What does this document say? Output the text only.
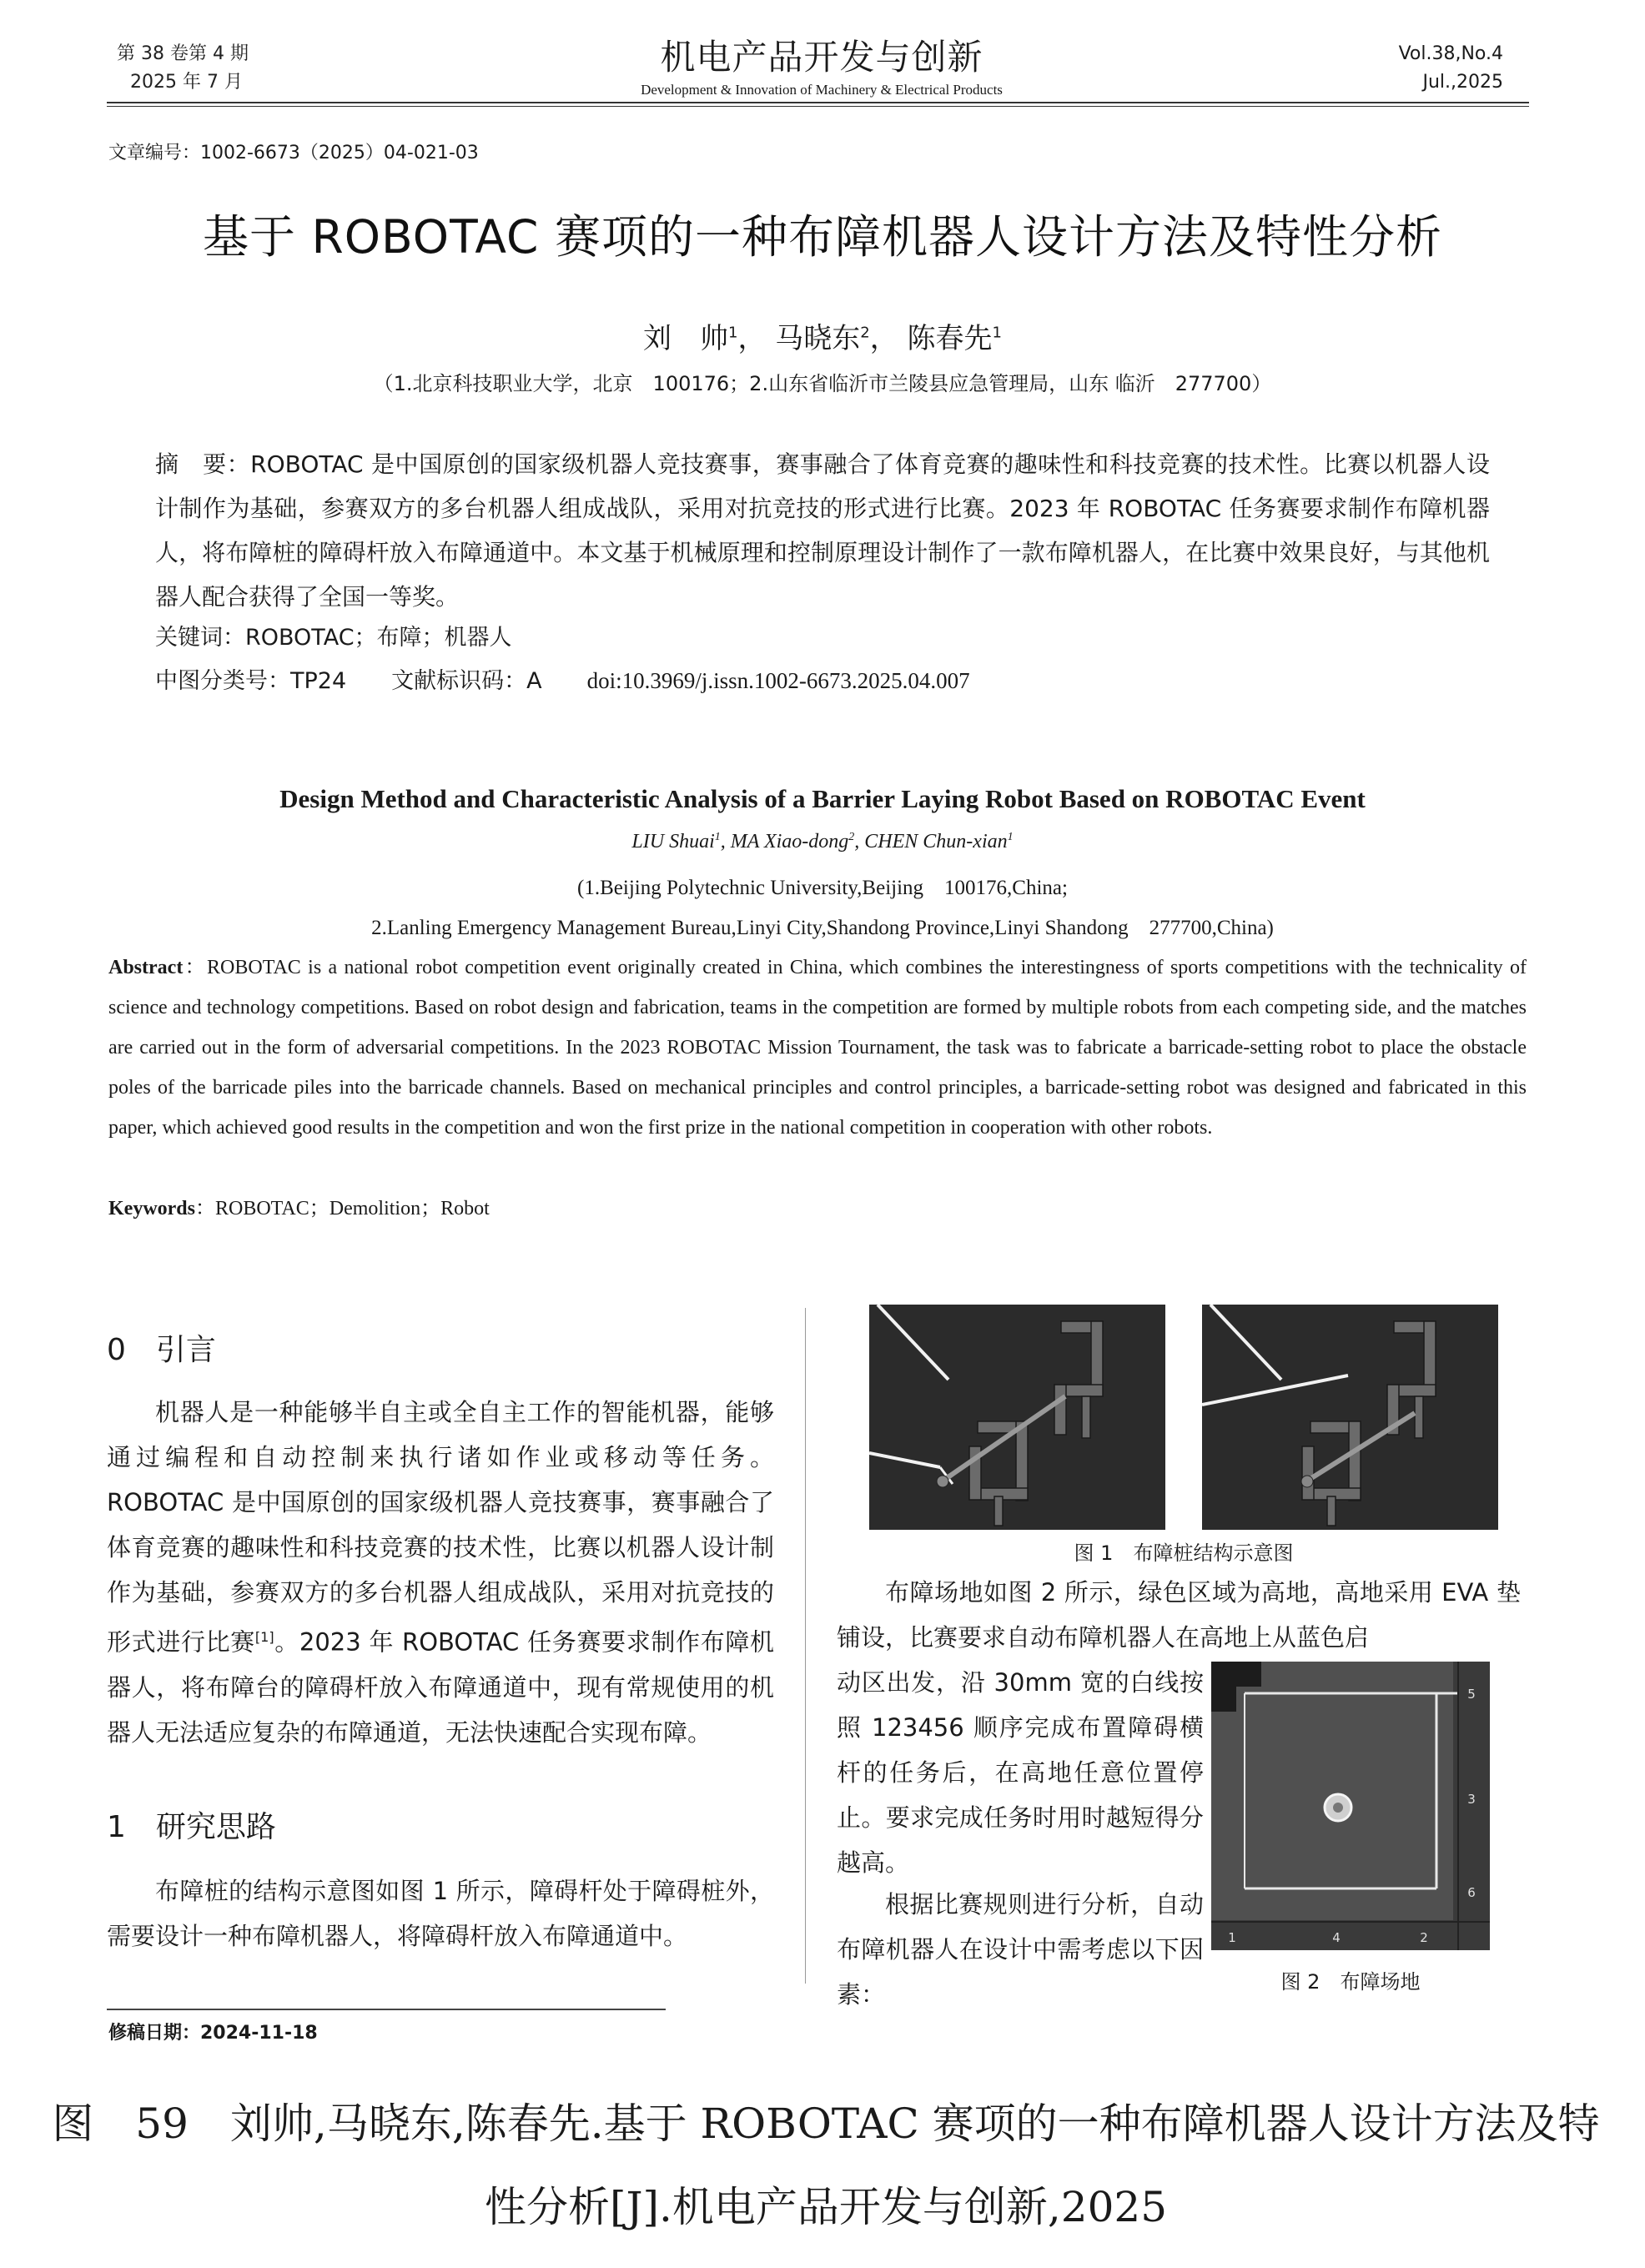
第 38 卷第 4 期
2025 年 7 月
机电产品开发与创新
Development & Innovation of Machinery & Electrical Products
Vol.38,No.4
Jul.,2025
文章编号：1002-6673（2025）04-021-03
基于 ROBOTAC 赛项的一种布障机器人设计方法及特性分析
刘　帅$^1$， 马晓东$^2$， 陈春先$^1$
（1.北京科技职业大学，北京　100176；2.山东省临沂市兰陵县应急管理局，山东 临沂　277700）
摘　要：ROBOTAC 是中国原创的国家级机器人竞技赛事，赛事融合了体育竞赛的趣味性和科技竞赛的技术性。比赛以机器人设计制作为基础，参赛双方的多台机器人组成战队，采用对抗竞技的形式进行比赛。2023 年 ROBOTAC 任务赛要求制作布障机器人，将布障桩的障碍杆放入布障通道中。本文基于机械原理和控制原理设计制作了一款布障机器人，在比赛中效果良好，与其他机器人配合获得了全国一等奖。
关键词：ROBOTAC；布障；机器人
中图分类号：TP24 文献标识码：A doi:10.3969/j.issn.1002-6673.2025.04.007
Design Method and Characteristic Analysis of a Barrier Laying Robot Based on ROBOTAC Event
LIU Shuai$^1$, MA Xiao-dong$^2$, CHEN Chun-xian$^1$
(1.Beijing Polytechnic University,Beijing　100176,China;
2.Lanling Emergency Management Bureau,Linyi City,Shandong Province,Linyi Shandong　277700,China)
Abstract：ROBOTAC is a national robot competition event originally created in China, which combines the interestingness of sports competitions with the technicality of science and technology competitions. Based on robot design and fabrication, teams in the competition are formed by multiple robots from each competing side, and the matches are carried out in the form of adversarial competitions. In the 2023 ROBOTAC Mission Tournament, the task was to fabricate a barricade-setting robot to place the obstacle poles of the barricade piles into the barricade channels. Based on mechanical principles and control principles, a barricade-setting robot was designed and fabricated in this paper, which achieved good results in the competition and won the first prize in the national competition in cooperation with other robots.
Keywords：ROBOTAC；Demolition；Robot
0　引言
机器人是一种能够半自主或全自主工作的智能机器，能够通过编程和自动控制来执行诸如作业或移动等任务。ROBOTAC 是中国原创的国家级机器人竞技赛事，赛事融合了体育竞赛的趣味性和科技竞赛的技术性，比赛以机器人设计制作为基础，参赛双方的多台机器人组成战队，采用对抗竞技的形式进行比赛[1]。2023 年 ROBOTAC 任务赛要求制作布障机器人，将布障台的障碍杆放入布障通道中，现有常规使用的机器人无法适应复杂的布障通道，无法快速配合实现布障。
1　研究思路
布障桩的结构示意图如图 1 所示，障碍杆处于障碍桩外，需要设计一种布障机器人，将障碍杆放入布障通道中。
修稿日期：2024-11-18
图 1　布障桩结构示意图
布障场地如图 2 所示，绿色区域为高地，高地采用 EVA 垫铺设，比赛要求自动布障机器人在高地上从蓝色启
动区出发，沿 30mm 宽的白线按照 123456 顺序完成布置障碍横杆的任务后，在高地任意位置停止。要求完成任务时用时越短得分越高。
根据比赛规则进行分析，自动布障机器人在设计中需考虑以下因素：
5
3
6
1	4	2
图 2　布障场地
图　59　刘帅,马晓东,陈春先.基于 ROBOTAC 赛项的一种布障机器人设计方法及特性分析[J].机电产品开发与创新,2025
